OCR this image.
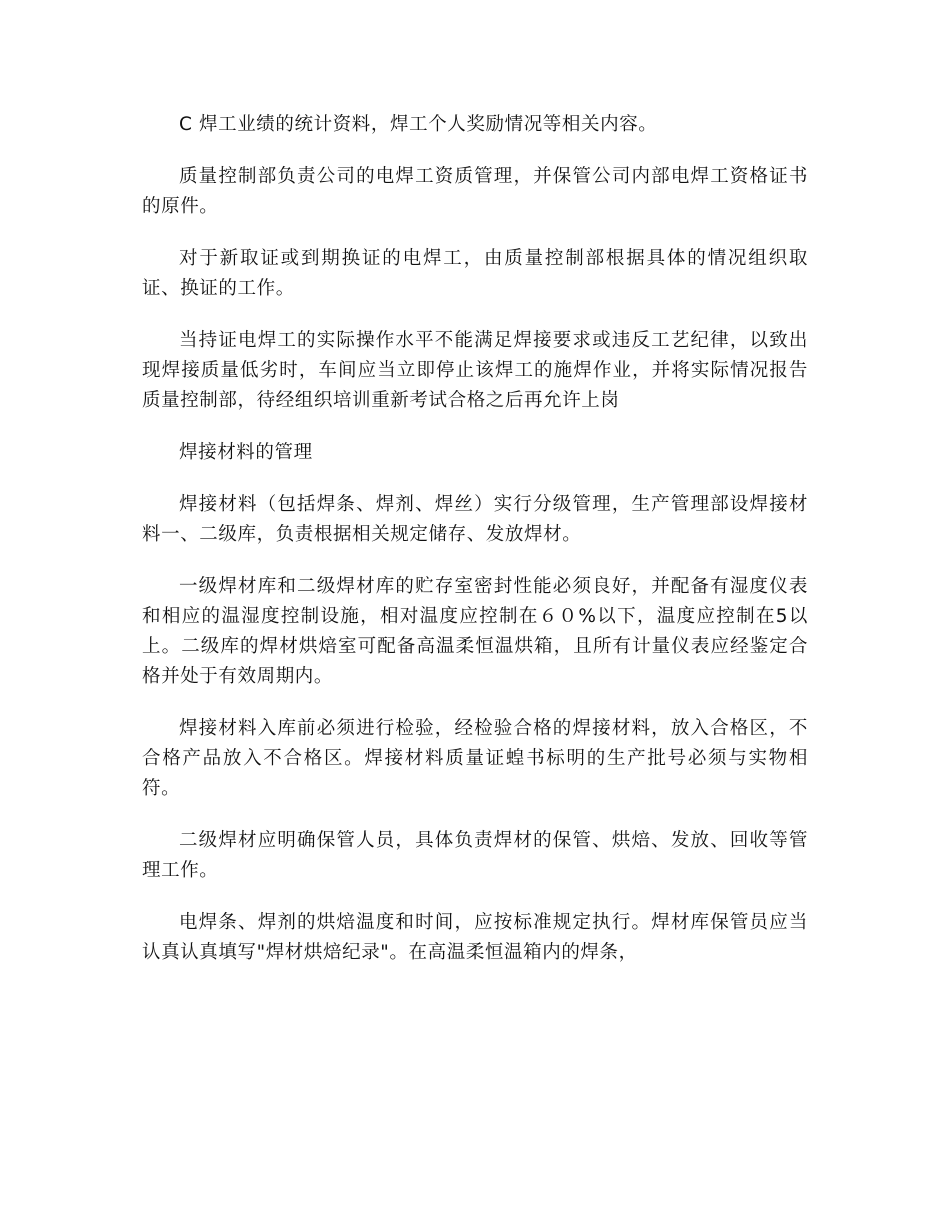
C 焊工业绩的统计资料，焊工个人奖励情况等相关内容。

质量控制部负责公司的电焊工资质管理，并保管公司内部电焊工资格证书的原件。

对于新取证或到期换证的电焊工，由质量控制部根据具体的情况组织取证、换证的工作。

当持证电焊工的实际操作水平不能满足焊接要求或违反工艺纪律，以致出现焊接质量低劣时，车间应当立即停止该焊工的施焊作业，并将实际情况报告质量控制部，待经组织培训重新考试合格之后再允许上岗

焊接材料的管理

焊接材料（包括焊条、焊剂、焊丝）实行分级管理，生产管理部设焊接材料一、二级库，负责根据相关规定储存、发放焊材。

一级焊材库和二级焊材库的贮存室密封性能必须良好，并配备有湿度仪表和相应的温湿度控制设施，相对温度应控制在６０%以下，温度应控制在5以上。二级库的焊材烘焙室可配备高温柔恒温烘箱，且所有计量仪表应经鉴定合格并处于有效周期内。

焊接材料入库前必须进行检验，经检验合格的焊接材料，放入合格区，不合格产品放入不合格区。焊接材料质量证蝗书标明的生产批号必须与实物相符。

二级焊材应明确保管人员，具体负责焊材的保管、烘焙、发放、回收等管理工作。

电焊条、焊剂的烘焙温度和时间，应按标准规定执行。焊材库保管员应当认真认真填写"焊材烘焙纪录"。在高温柔恒温箱内的焊条，
